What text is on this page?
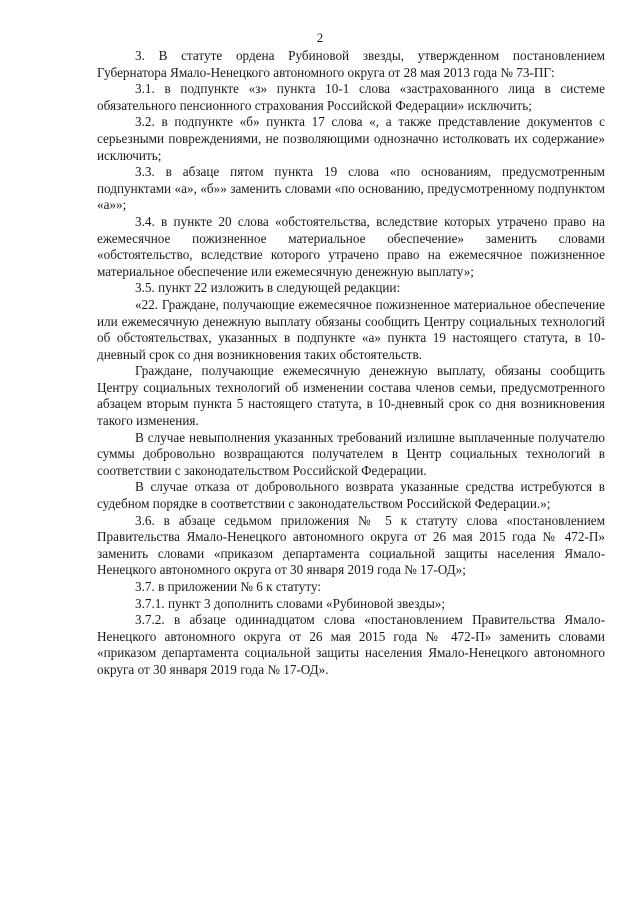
2

3. В статуте ордена Рубиновой звезды, утвержденном постановлением Губернатора Ямало-Ненецкого автономного округа от 28 мая 2013 года № 73-ПГ:

3.1. в подпункте «з» пункта 10-1 слова «застрахованного лица в системе обязательного пенсионного страхования Российской Федерации» исключить;

3.2. в подпункте «б» пункта 17 слова «, а также представление документов с серьезными повреждениями, не позволяющими однозначно истолковать их содержание» исключить;

3.3. в абзаце пятом пункта 19 слова «по основаниям, предусмотренным подпунктами «а», «б»» заменить словами «по основанию, предусмотренному подпунктом «а»»;

3.4. в пункте 20 слова «обстоятельства, вследствие которых утрачено право на ежемесячное пожизненное материальное обеспечение» заменить словами «обстоятельство, вследствие которого утрачено право на ежемесячное пожизненное материальное обеспечение или ежемесячную денежную выплату»;

3.5. пункт 22 изложить в следующей редакции:

«22. Граждане, получающие ежемесячное пожизненное материальное обеспечение или ежемесячную денежную выплату обязаны сообщить Центру социальных технологий об обстоятельствах, указанных в подпункте «а» пункта 19 настоящего статута, в 10-дневный срок со дня возникновения таких обстоятельств.

Граждане, получающие ежемесячную денежную выплату, обязаны сообщить Центру социальных технологий об изменении состава членов семьи, предусмотренного абзацем вторым пункта 5 настоящего статута, в 10-дневный срок со дня возникновения такого изменения.

В случае невыполнения указанных требований излишне выплаченные получателю суммы добровольно возвращаются получателем в Центр социальных технологий в соответствии с законодательством Российской Федерации.

В случае отказа от добровольного возврата указанные средства истребуются в судебном порядке в соответствии с законодательством Российской Федерации.»;

3.6. в абзаце седьмом приложения № 5 к статуту слова «постановлением Правительства Ямало-Ненецкого автономного округа от 26 мая 2015 года № 472-П» заменить словами «приказом департамента социальной защиты населения Ямало-Ненецкого автономного округа от 30 января 2019 года № 17-ОД»;

3.7. в приложении № 6 к статуту:

3.7.1. пункт 3 дополнить словами «Рубиновой звезды»;

3.7.2. в абзаце одиннадцатом слова «постановлением Правительства Ямало-Ненецкого автономного округа от 26 мая 2015 года № 472-П» заменить словами «приказом департамента социальной защиты населения Ямало-Ненецкого автономного округа от 30 января 2019 года № 17-ОД».
